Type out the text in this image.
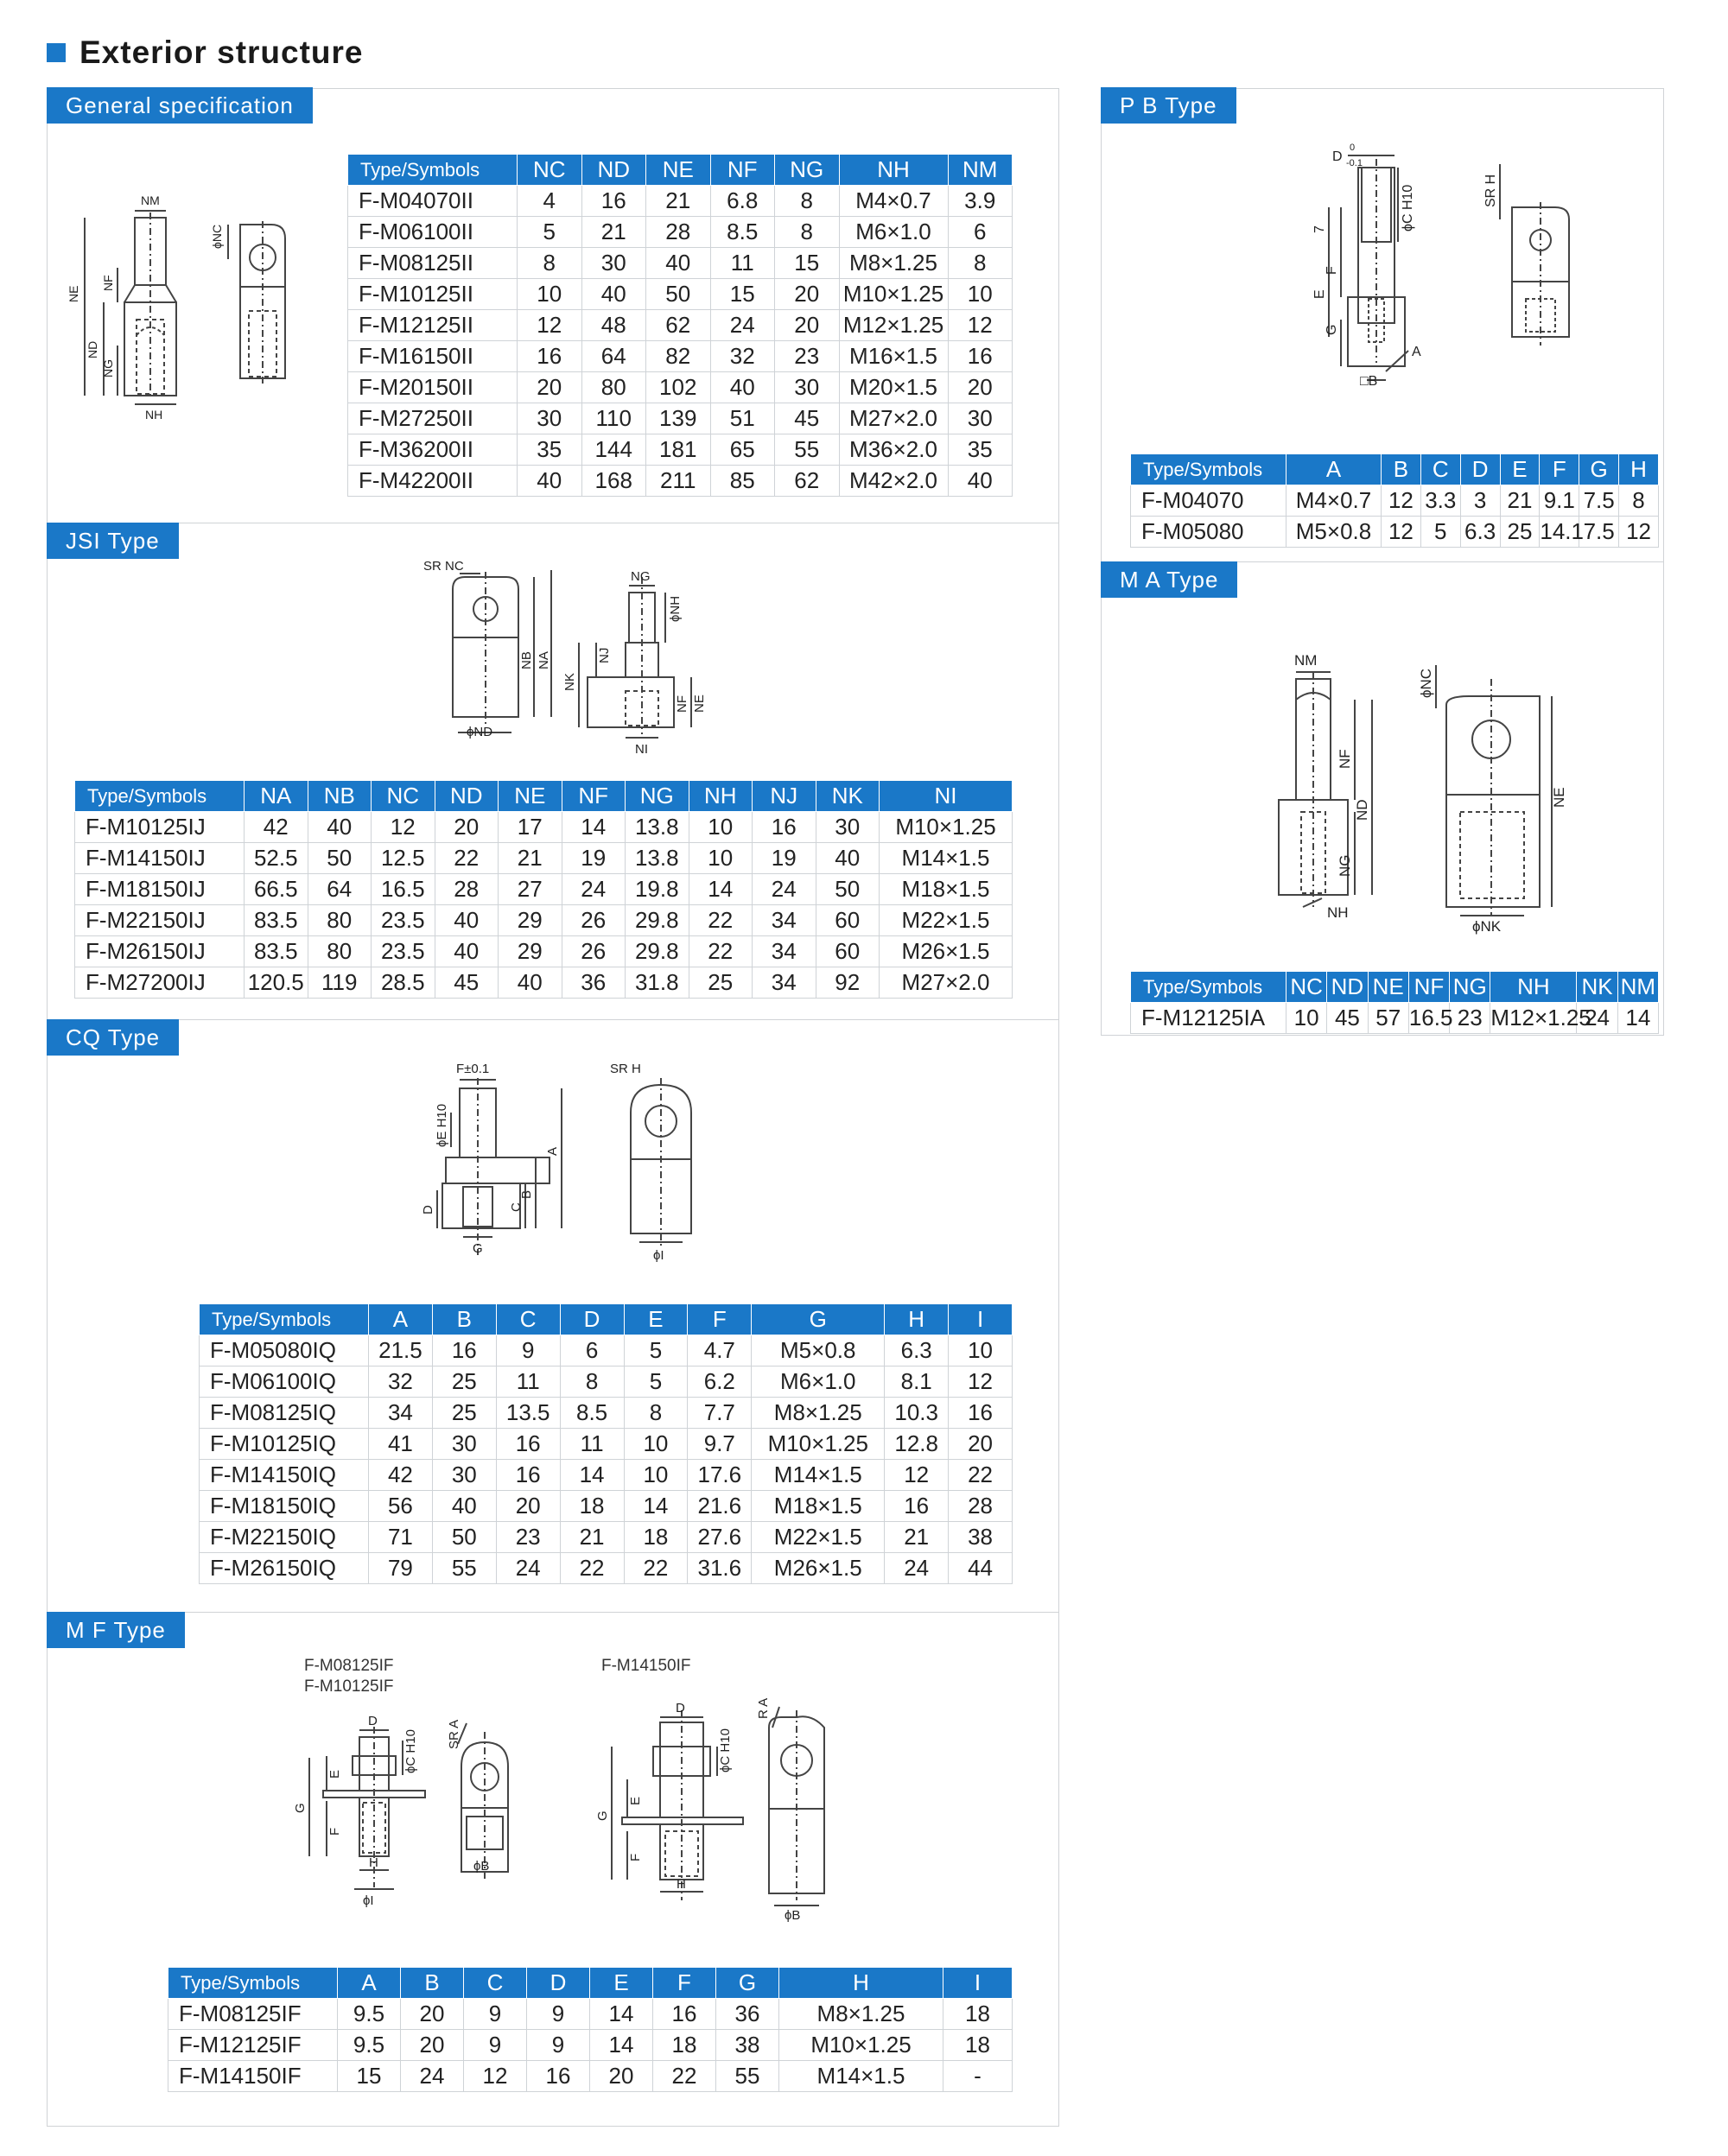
Exterior structure
General specification
NM
NE
ND
NF
NG
NH
ϕNC
Type/Symbols	NC	ND	NE	NF	NG	NH	NM
F-M04070II	4	16	21	6.8	8	M4×0.7	3.9
F-M06100II	5	21	28	8.5	8	M6×1.0	6
F-M08125II	8	30	40	11	15	M8×1.25	8
F-M10125II	10	40	50	15	20	M10×1.25	10
F-M12125II	12	48	62	24	20	M12×1.25	12
F-M16150II	16	64	82	32	23	M16×1.5	16
F-M20150II	20	80	102	40	30	M20×1.5	20
F-M27250II	30	110	139	51	45	M27×2.0	30
F-M36200II	35	144	181	65	55	M36×2.0	35
F-M42200II	40	168	211	85	62	M42×2.0	40
JSI Type
SR NC
NB NA
ϕND
NG
ϕNH
NJ
NK
NF NE
NI
Type/Symbols	NA	NB	NC	ND	NE	NF	NG	NH	NJ	NK	NI
F-M10125IJ	42	40	12	20	17	14	13.8	10	16	30	M10×1.25
F-M14150IJ	52.5	50	12.5	22	21	19	13.8	10	19	40	M14×1.5
F-M18150IJ	66.5	64	16.5	28	27	24	19.8	14	24	50	M18×1.5
F-M22150IJ	83.5	80	23.5	40	29	26	29.8	22	34	60	M22×1.5
F-M26150IJ	83.5	80	23.5	40	29	26	29.8	22	34	60	M26×1.5
F-M27200IJ	120.5	119	28.5	45	40	36	31.8	25	34	92	M27×2.0
CQ Type
F±0.1
ϕE H10
A
B
C
D
G
SR H
ϕI
Type/Symbols	A	B	C	D	E	F	G	H	I
F-M05080IQ	21.5	16	9	6	5	4.7	M5×0.8	6.3	10
F-M06100IQ	32	25	11	8	5	6.2	M6×1.0	8.1	12
F-M08125IQ	34	25	13.5	8.5	8	7.7	M8×1.25	10.3	16
F-M10125IQ	41	30	16	11	10	9.7	M10×1.25	12.8	20
F-M14150IQ	42	30	16	14	10	17.6	M14×1.5	12	22
F-M18150IQ	56	40	20	18	14	21.6	M18×1.5	16	28
F-M22150IQ	71	50	23	21	18	27.6	M22×1.5	21	38
F-M26150IQ	79	55	24	22	22	31.6	M26×1.5	24	44
M F Type
F-M08125IF
F-M10125IF
F-M14150IF
D
ϕC H10 SR A
E
F
G
H
ϕI
ϕB
D
ϕC H10
R A
E
F
G
H
ϕB
Type/Symbols	A	B	C	D	E	F	G	H	I
F-M08125IF	9.5	20	9	9	14	16	36	M8×1.25	18
F-M12125IF	9.5	20	9	9	14	18	38	M10×1.25	18
F-M14150IF	15	24	12	16	20	22	55	M14×1.5	-
P B Type
D
0
-0.1
ϕC H10	SR H
7
F
E
G
A
□B
Type/Symbols	A	B	C	D	E	F	G	H
F-M04070	M4×0.7	12	3.3	3	21	9.1	7.5	8
F-M05080	M5×0.8	12	5	6.3	25	14.1	7.5	12
M A Type
NM
ϕNC
NF
ND
NE
NG
NH
ϕNK
Type/Symbols	NC	ND	NE	NF	NG	NH	NK	NM
F-M12125IA	10	45	57	16.5	23	M12×1.25	24	14
